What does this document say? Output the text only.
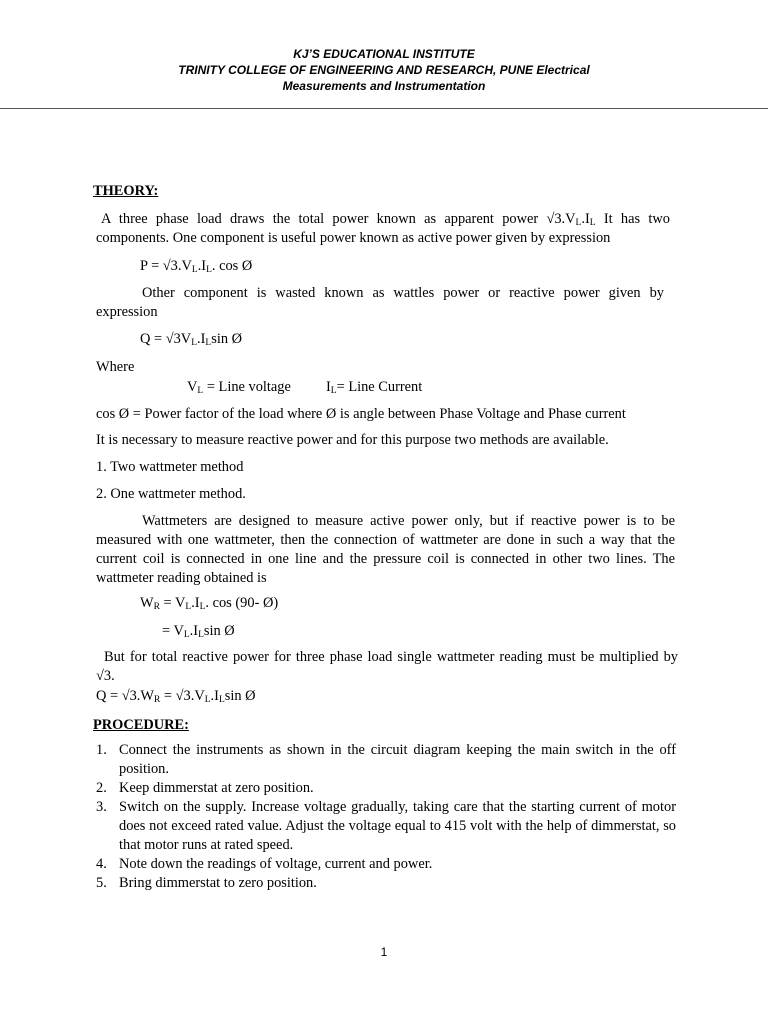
KJ’S EDUCATIONAL INSTITUTE
TRINITY COLLEGE OF ENGINEERING AND RESEARCH, PUNE Electrical
Measurements and Instrumentation
THEORY:
A three phase load draws the total power known as apparent power $√3.V_L.I_L$ It has two components. One component is useful power known as active power given by expression
$P = √3.V_L.I_L$. cos Ø
Other component is wasted known as wattles power or reactive power given by expression
$Q = √3V_L.I_L\sin$ Ø
Where
$V_L$ = Line voltage $I_L=$ Line Current
cos Ø = Power factor of the load where Ø is angle between Phase Voltage and Phase current
It is necessary to measure reactive power and for this purpose two methods are available.
1. Two wattmeter method
2. One wattmeter method.
Wattmeters are designed to measure active power only, but if reactive power is to be measured with one wattmeter, then the connection of wattmeter are done in such a way that the current coil is connected in one line and the pressure coil is connected in other two lines. The wattmeter reading obtained is
$W_R = V_L.I_L$. cos (90- Ø)
= $V_L.I_L\sin$ Ø
But for total reactive power for three phase load single wattmeter reading must be multiplied by √3.
$Q = √3.W_R = √3.V_L.I_L\sin$ Ø
PROCEDURE:
1. Connect the instruments as shown in the circuit diagram keeping the main switch in the off position.
2. Keep dimmerstat at zero position.
3. Switch on the supply. Increase voltage gradually, taking care that the starting current of motor does not exceed rated value. Adjust the voltage equal to 415 volt with the help of dimmerstat, so that motor runs at rated speed.
4. Note down the readings of voltage, current and power.
5. Bring dimmerstat to zero position.
1
